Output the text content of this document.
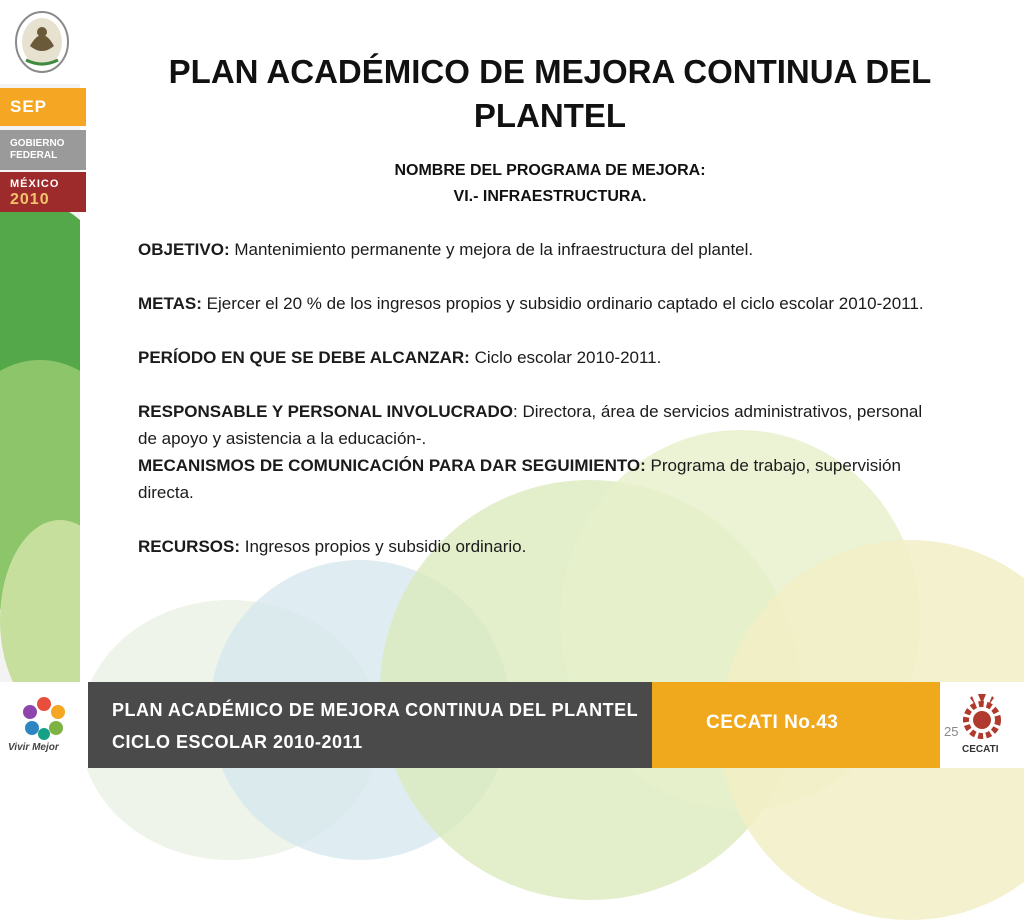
SEP
GOBIERNO
FEDERAL
MÉXICO
2010
PLAN ACADÉMICO DE MEJORA CONTINUA DEL PLANTEL
NOMBRE DEL PROGRAMA DE MEJORA:
VI.- INFRAESTRUCTURA.

OBJETIVO: Mantenimiento permanente y mejora de la infraestructura del plantel.

METAS: Ejercer el 20 % de los ingresos propios y subsidio ordinario captado el ciclo escolar 2010-2011.

PERÍODO EN QUE SE DEBE ALCANZAR: Ciclo escolar 2010-2011.

RESPONSABLE Y PERSONAL INVOLUCRADO: Directora, área de servicios administrativos, personal de apoyo y asistencia a la educación-.

MECANISMOS DE COMUNICACIÓN PARA DAR SEGUIMIENTO: Programa de trabajo, supervisión directa.

RECURSOS: Ingresos propios y subsidio ordinario.

Vivir Mejor
PLAN ACADÉMICO DE MEJORA CONTINUA DEL PLANTEL
CICLO ESCOLAR 2010-2011
CECATI No.43
CECATI
25
